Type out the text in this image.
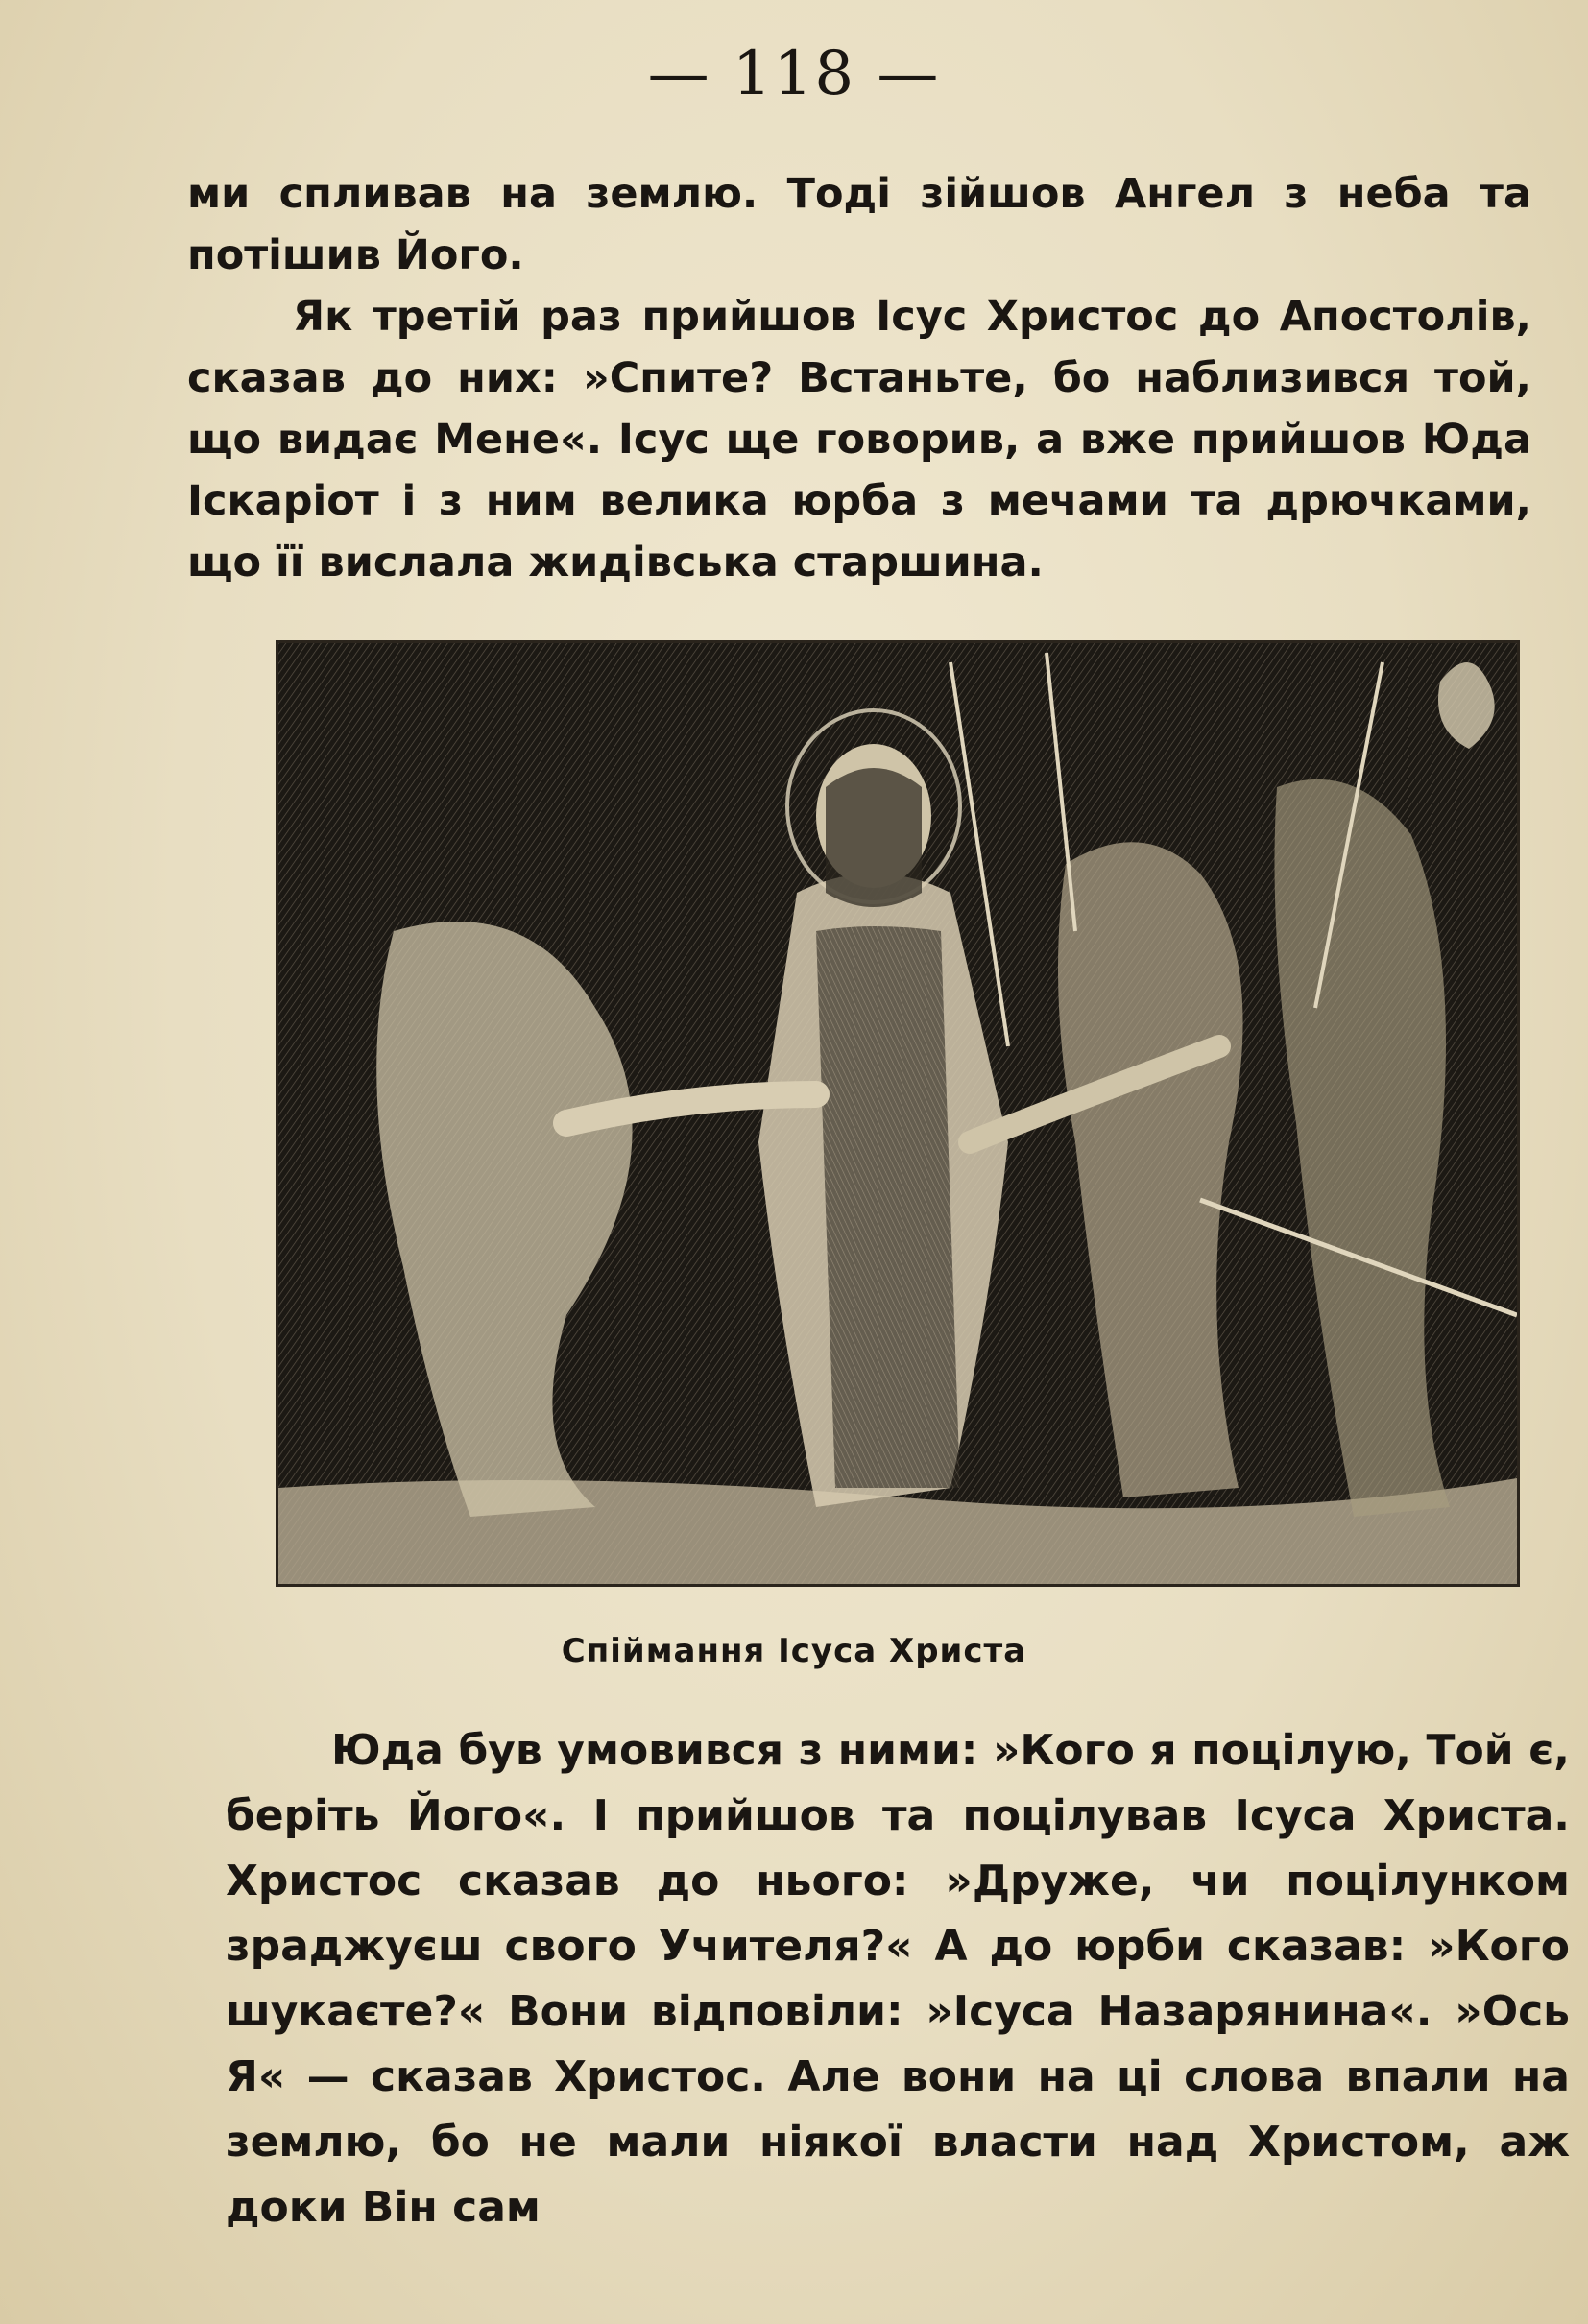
— 118 —

ми спливав на землю. Тоді зійшов Ангел з неба та потішив Його.

Як третій раз прийшов Ісус Христос до Апостолів, сказав до них: »Спите? Встаньте, бо наблизився той, що видає Мене«. Ісус ще говорив, а вже прийшов Юда Іскаріот і з ним велика юрба з мечами та дрючками, що її вислала жидівська старшина.

Спіймання Ісуса Христа

Юда був умовився з ними: »Кого я поцілую, Той є, беріть Його«. І прийшов та поцілував Ісуса Христа. Христос сказав до нього: »Друже, чи поцілунком зраджуєш свого Учителя?« А до юрби сказав: »Кого шукаєте?« Вони відповіли: »Ісуса Назарянина«. »Ось Я« — сказав Христос. Але вони на ці слова впали на землю, бо не мали ніякої власти над Христом, аж доки Він сам
